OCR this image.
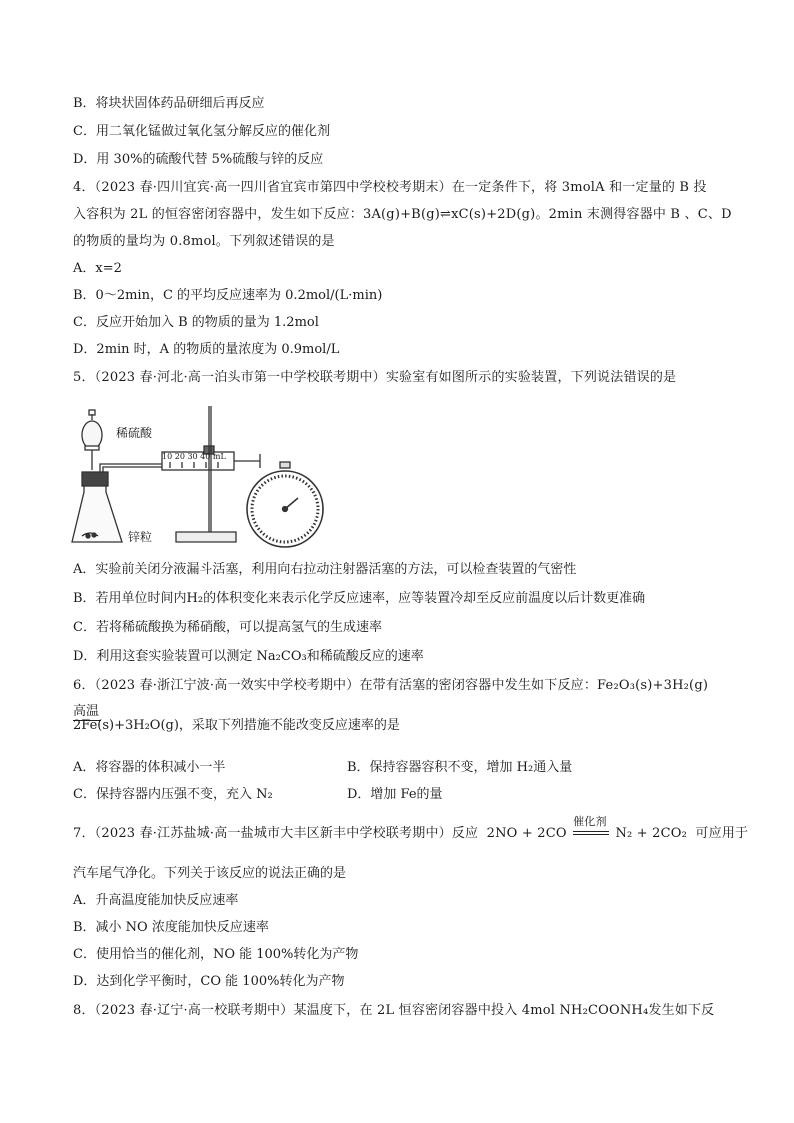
B．将块状固体药品研细后再反应
C．用二氧化锰做过氧化氢分解反应的催化剂
D．用 30%的硫酸代替 5%硫酸与锌的反应
4．（2023 春·四川宜宾·高一四川省宜宾市第四中学校校考期末）在一定条件下，将 3molA 和一定量的 B 投
入容积为 2L 的恒容密闭容器中，发生如下反应：3A(g)+B(g)⇌xC(s)+2D(g)。2min 末测得容器中 B 、C、D
的物质的量均为 0.8mol。下列叙述错误的是
A．x=2
B．0～2min，C 的平均反应速率为 0.2mol/(L·min)
C．反应开始加入 B 的物质的量为 1.2mol
D．2min 时，A 的物质的量浓度为 0.9mol/L
5．（2023 春·河北·高一泊头市第一中学校联考期中）实验室有如图所示的实验装置，下列说法错误的是
稀硫酸
锌粒
10 20 30 40 mL
A．实验前关闭分液漏斗活塞，利用向右拉动注射器活塞的方法，可以检查装置的气密性
B．若用单位时间内H₂的体积变化来表示化学反应速率，应等装置冷却至反应前温度以后计数更准确
C．若将稀硫酸换为稀硝酸，可以提高氢气的生成速率
D．利用这套实验装置可以测定 Na₂CO₃和稀硫酸反应的速率
6．（2023 春·浙江宁波·高一效实中学校考期中）在带有活塞的密闭容器中发生如下反应：Fe₂O₃(s)+3H₂(g)
高温
2Fe(s)+3H₂O(g)，采取下列措施不能改变反应速率的是
A．将容器的体积减小一半	B．保持容器容积不变，增加 H₂通入量
C．保持容器内压强不变，充入 N₂	D．增加 Fe的量
7．（2023 春·江苏盐城·高一盐城市大丰区新丰中学校联考期中）反应 2NO + 2CO
催化剂
N₂ + 2CO₂ 可应用于
汽车尾气净化。下列关于该反应的说法正确的是
A．升高温度能加快反应速率
B．减小 NO 浓度能加快反应速率
C．使用恰当的催化剂，NO 能 100%转化为产物
D．达到化学平衡时，CO 能 100%转化为产物
8．（2023 春·辽宁·高一校联考期中）某温度下，在 2L 恒容密闭容器中投入 4mol NH₂COONH₄发生如下反
